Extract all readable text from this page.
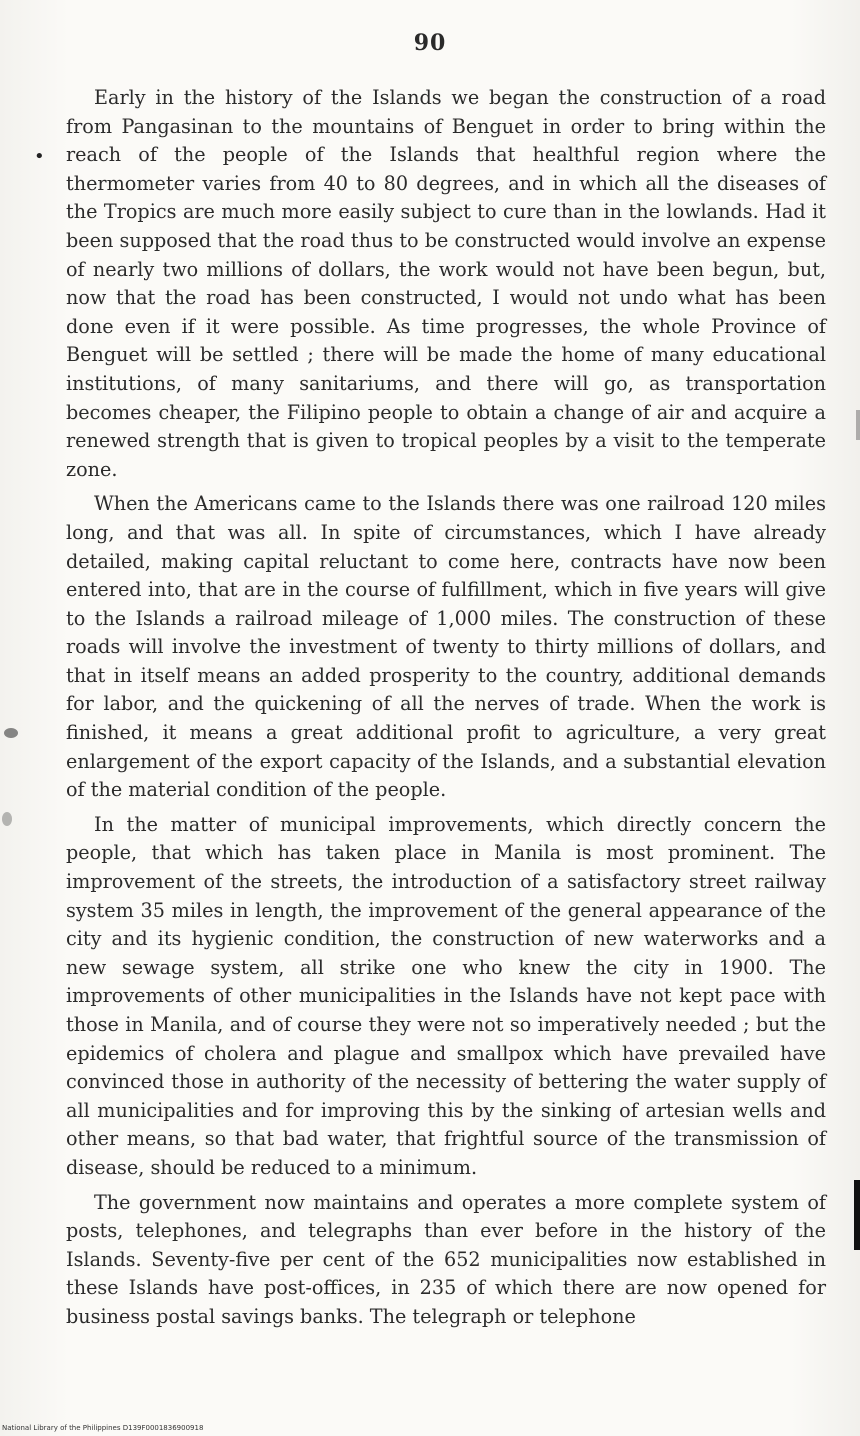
90
•

Early in the history of the Islands we began the construction of a road from Pangasinan to the mountains of Benguet in order to bring within the reach of the people of the Islands that healthful region where the thermometer varies from 40 to 80 degrees, and in which all the diseases of the Tropics are much more easily subject to cure than in the lowlands. Had it been supposed that the road thus to be constructed would involve an expense of nearly two millions of dollars, the work would not have been begun, but, now that the road has been constructed, I would not undo what has been done even if it were possible. As time progresses, the whole Province of Benguet will be settled ; there will be made the home of many educational institutions, of many sanitariums, and there will go, as transportation becomes cheaper, the Filipino people to obtain a change of air and acquire a renewed strength that is given to tropical peoples by a visit to the temperate zone.

When the Americans came to the Islands there was one railroad 120 miles long, and that was all. In spite of circumstances, which I have already detailed, making capital reluctant to come here, contracts have now been entered into, that are in the course of fulfillment, which in five years will give to the Islands a railroad mileage of 1,000 miles. The construction of these roads will involve the investment of twenty to thirty millions of dollars, and that in itself means an added prosperity to the country, additional demands for labor, and the quickening of all the nerves of trade. When the work is finished, it means a great additional profit to agriculture, a very great enlargement of the export capacity of the Islands, and a substantial elevation of the material condition of the people.

In the matter of municipal improvements, which directly concern the people, that which has taken place in Manila is most prominent. The improvement of the streets, the introduction of a satisfactory street railway system 35 miles in length, the improvement of the general appearance of the city and its hygienic condition, the construction of new waterworks and a new sewage system, all strike one who knew the city in 1900. The improvements of other municipalities in the Islands have not kept pace with those in Manila, and of course they were not so imperatively needed ; but the epidemics of cholera and plague and smallpox which have prevailed have convinced those in authority of the necessity of bettering the water supply of all municipalities and for improving this by the sinking of artesian wells and other means, so that bad water, that frightful source of the transmission of disease, should be reduced to a minimum.

The government now maintains and operates a more complete system of posts, telephones, and telegraphs than ever before in the history of the Islands. Seventy-five per cent of the 652 municipalities now established in these Islands have post-offices, in 235 of which there are now opened for business postal savings banks. The telegraph or telephone

National Library of the Philippines D139F0001836900918
